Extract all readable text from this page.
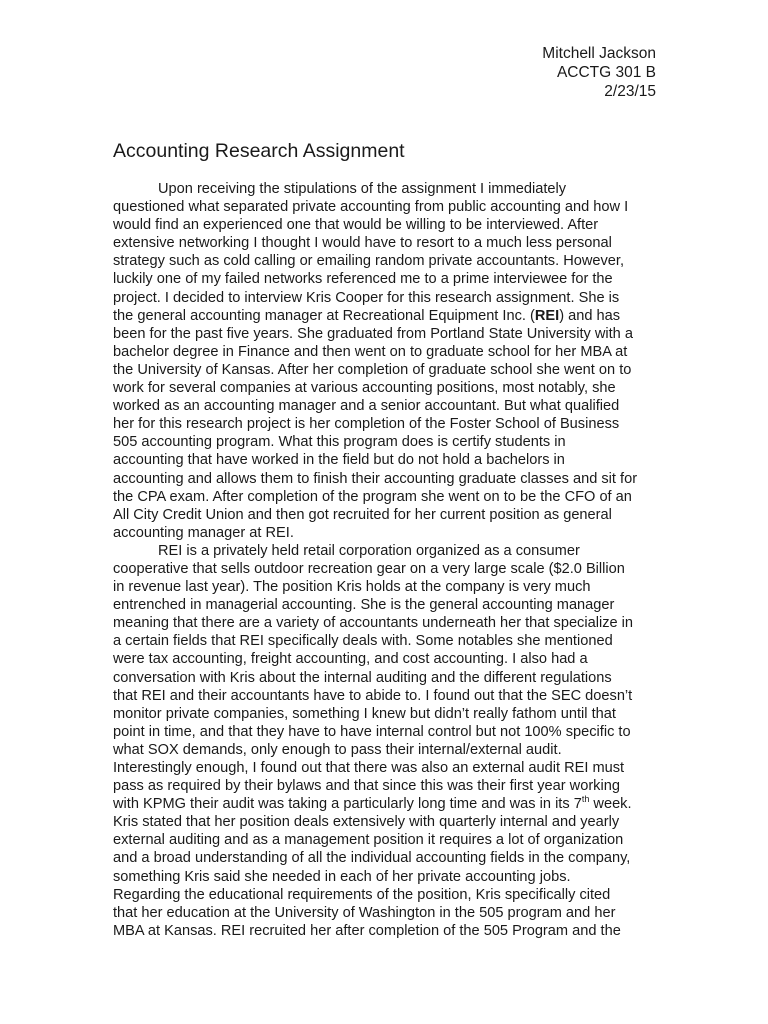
Mitchell Jackson
ACCTG 301 B
2/23/15
Accounting Research Assignment
Upon receiving the stipulations of the assignment I immediately
questioned what separated private accounting from public accounting and how I
would find an experienced one that would be willing to be interviewed. After
extensive networking I thought I would have to resort to a much less personal
strategy such as cold calling or emailing random private accountants. However,
luckily one of my failed networks referenced me to a prime interviewee for the
project. I decided to interview Kris Cooper for this research assignment. She is
the general accounting manager at Recreational Equipment Inc. (REI) and has
been for the past five years. She graduated from Portland State University with a
bachelor degree in Finance and then went on to graduate school for her MBA at
the University of Kansas. After her completion of graduate school she went on to
work for several companies at various accounting positions, most notably, she
worked as an accounting manager and a senior accountant. But what qualified
her for this research project is her completion of the Foster School of Business
505 accounting program. What this program does is certify students in
accounting that have worked in the field but do not hold a bachelors in
accounting and allows them to finish their accounting graduate classes and sit for
the CPA exam. After completion of the program she went on to be the CFO of an
All City Credit Union and then got recruited for her current position as general
accounting manager at REI.
REI is a privately held retail corporation organized as a consumer
cooperative that sells outdoor recreation gear on a very large scale ($2.0 Billion
in revenue last year). The position Kris holds at the company is very much
entrenched in managerial accounting. She is the general accounting manager
meaning that there are a variety of accountants underneath her that specialize in
a certain fields that REI specifically deals with. Some notables she mentioned
were tax accounting, freight accounting, and cost accounting. I also had a
conversation with Kris about the internal auditing and the different regulations
that REI and their accountants have to abide to. I found out that the SEC doesn’t
monitor private companies, something I knew but didn’t really fathom until that
point in time, and that they have to have internal control but not 100% specific to
what SOX demands, only enough to pass their internal/external audit.
Interestingly enough, I found out that there was also an external audit REI must
pass as required by their bylaws and that since this was their first year working
with KPMG their audit was taking a particularly long time and was in its 7th week.
Kris stated that her position deals extensively with quarterly internal and yearly
external auditing and as a management position it requires a lot of organization
and a broad understanding of all the individual accounting fields in the company,
something Kris said she needed in each of her private accounting jobs.
Regarding the educational requirements of the position, Kris specifically cited
that her education at the University of Washington in the 505 program and her
MBA at Kansas. REI recruited her after completion of the 505 Program and the
